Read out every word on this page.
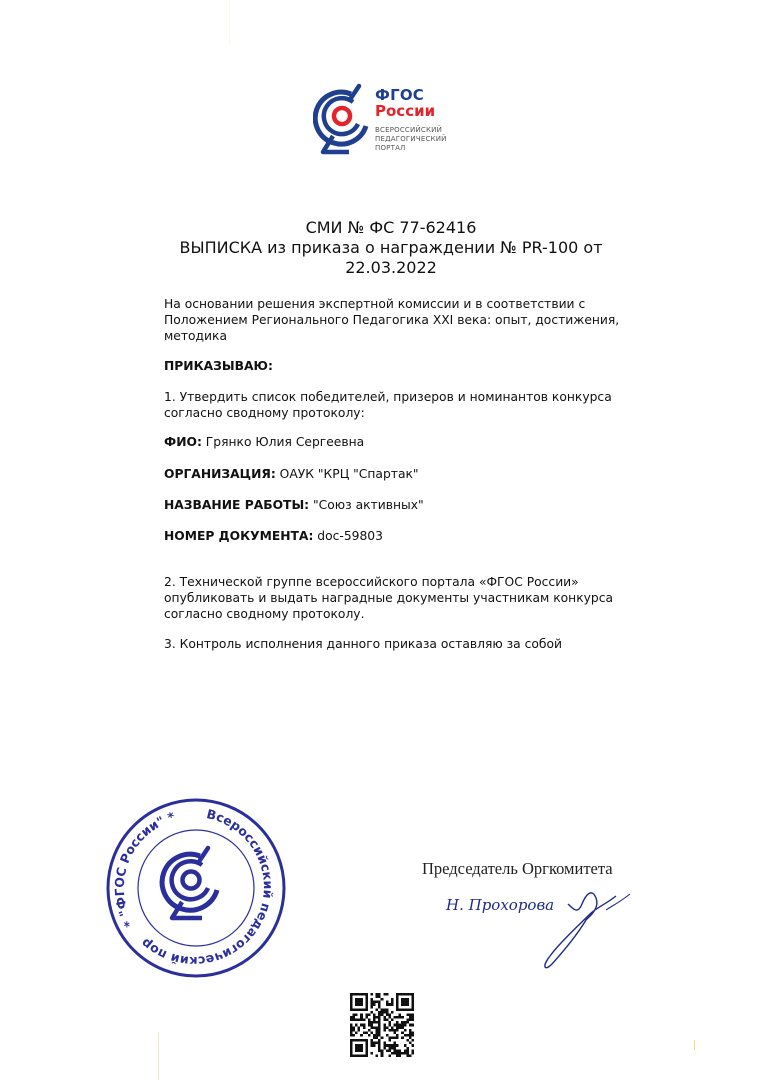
ФГОС
России
ВСЕРОССИЙСКИЙ
ПЕДАГОГИЧЕСКИЙ
ПОРТАЛ
СМИ № ФС 77-62416
ВЫПИСКА из приказа о награждении № PR-100 от
22.03.2022
На основании решения экспертной комиссии и в соответствии с Положением Регионального Педагогика XXI века: опыт, достижения, методика
ПРИКАЗЫВАЮ:
1. Утвердить список победителей, призеров и номинантов конкурса согласно сводному протоколу:
ФИО: Грянко Юлия Сергеевна
ОРГАНИЗАЦИЯ: ОАУК "КРЦ "Спартак"
НАЗВАНИЕ РАБОТЫ: "Союз активных"
НОМЕР ДОКУМЕНТА: doc-59803
2. Технической группе всероссийского портала «ФГОС России» опубликовать и выдать наградные документы участникам конкурса согласно сводному протоколу.
3. Контроль исполнения данного приказа оставляю за собой
* "ФГОС России" *	Всероссийский педагогический пор
Председатель Оргкомитета
Н. Прохорова
